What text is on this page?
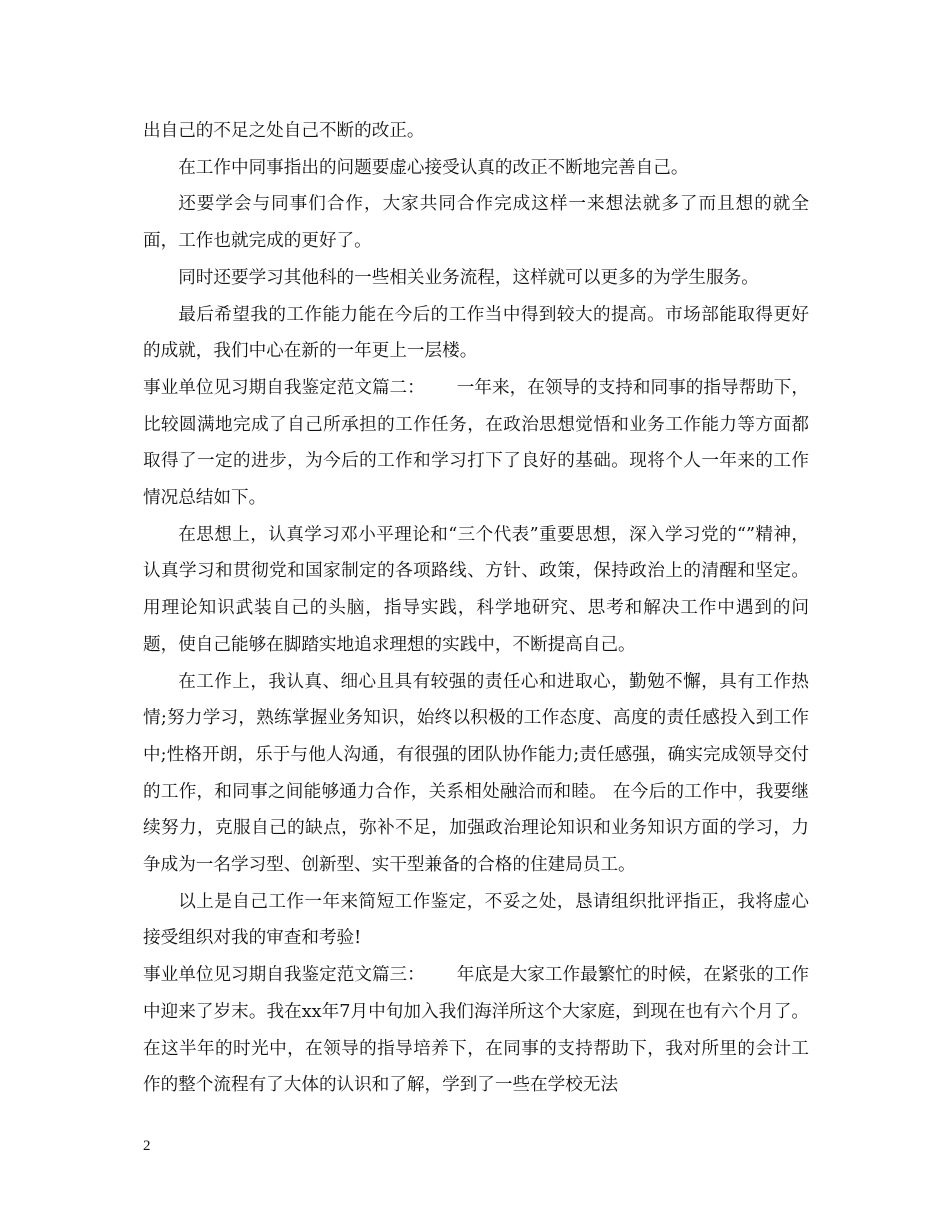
出自己的不足之处自己不断的改正。

在工作中同事指出的问题要虚心接受认真的改正不断地完善自己。

还要学会与同事们合作，大家共同合作完成这样一来想法就多了而且想的就全面，工作也就完成的更好了。

同时还要学习其他科的一些相关业务流程，这样就可以更多的为学生服务。

最后希望我的工作能力能在今后的工作当中得到较大的提高。市场部能取得更好的成就，我们中心在新的一年更上一层楼。

事业单位见习期自我鉴定范文篇二：　　 一年来，在领导的支持和同事的指导帮助下，比较圆满地完成了自己所承担的工作任务，在政治思想觉悟和业务工作能力等方面都取得了一定的进步，为今后的工作和学习打下了良好的基础。现将个人一年来的工作情况总结如下。

在思想上，认真学习邓小平理论和“三个代表”重要思想，深入学习党的“”精神，认真学习和贯彻党和国家制定的各项路线、方针、政策，保持政治上的清醒和坚定。用理论知识武装自己的头脑，指导实践，科学地研究、思考和解决工作中遇到的问题，使自己能够在脚踏实地追求理想的实践中，不断提高自己。

在工作上，我认真、细心且具有较强的责任心和进取心，勤勉不懈，具有工作热情;努力学习，熟练掌握业务知识，始终以积极的工作态度、高度的责任感投入到工作中;性格开朗，乐于与他人沟通，有很强的团队协作能力;责任感强，确实完成领导交付的工作，和同事之间能够通力合作，关系相处融洽而和睦。 在今后的工作中，我要继续努力，克服自己的缺点，弥补不足，加强政治理论知识和业务知识方面的学习，力争成为一名学习型、创新型、实干型兼备的合格的住建局员工。

以上是自己工作一年来简短工作鉴定，不妥之处，恳请组织批评指正，我将虚心接受组织对我的审查和考验!

事业单位见习期自我鉴定范文篇三：　　 年底是大家工作最繁忙的时候，在紧张的工作中迎来了岁末。我在xx年7月中旬加入我们海洋所这个大家庭，到现在也有六个月了。在这半年的时光中，在领导的指导培养下，在同事的支持帮助下，我对所里的会计工作的整个流程有了大体的认识和了解，学到了一些在学校无法

2
